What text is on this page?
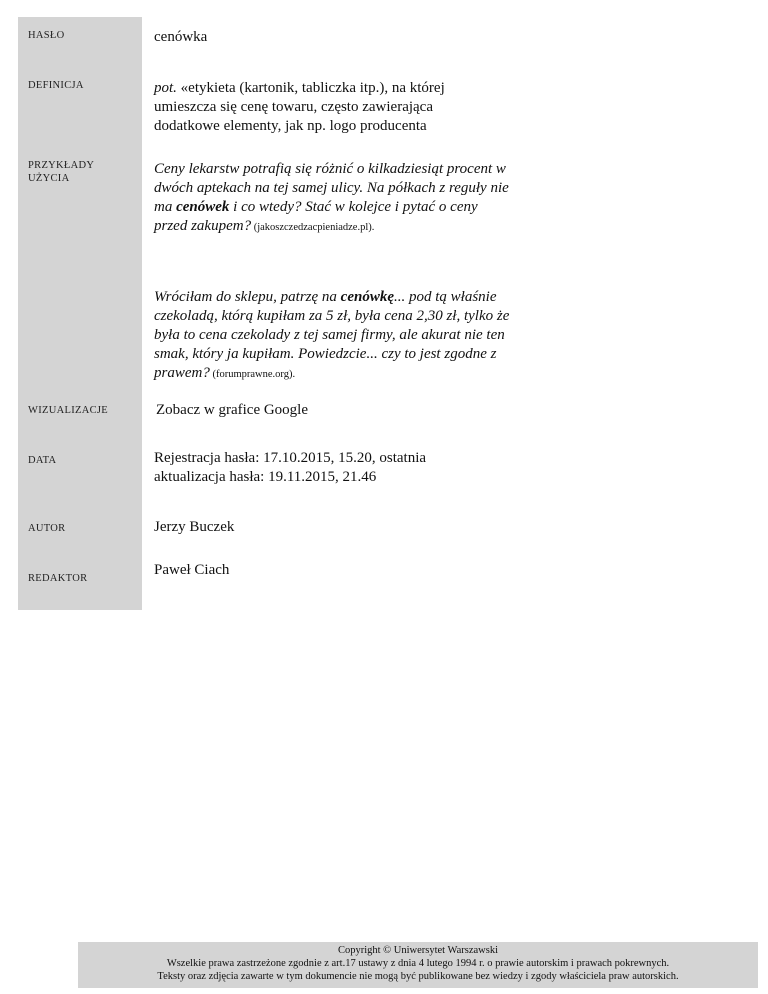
HASŁO	cenówka
DEFINICJA	pot. «etykieta (kartonik, tabliczka itp.), na której umieszcza się cenę towaru, często zawierająca dodatkowe elementy, jak np. logo producenta

PRZYKŁADY UŻYCIA	Ceny lekarstw potrafią się różnić o kilkadziesiąt procent w dwóch aptekach na tej samej ulicy. Na półkach z reguły nie ma cenówek i co wtedy? Stać w kolejce i pytać o ceny przed zakupem? (jakoszczedzacpieniadze.pl).

Wróciłam do sklepu, patrzę na cenówkę... pod tą właśnie czekoladą, którą kupiłam za 5 zł, była cena 2,30 zł, tylko że była to cena czekolady z tej samej firmy, ale akurat nie ten smak, który ja kupiłam. Powiedzcie... czy to jest zgodne z prawem? (forumprawne.org).

WIZUALIZACJE	Zobacz w grafice Google
DATA	Rejestracja hasła: 17.10.2015, 15.20, ostatnia
aktualizacja hasła: 19.11.2015, 21.46

AUTOR	Jerzy Buczek
REDAKTOR	Paweł Ciach
Copyright © Uniwersytet Warszawski
Wszelkie prawa zastrzeżone zgodnie z art.17 ustawy z dnia 4 lutego 1994 r. o prawie autorskim i prawach pokrewnych.
Teksty oraz zdjęcia zawarte w tym dokumencie nie mogą być publikowane bez wiedzy i zgody właściciela praw autorskich.
